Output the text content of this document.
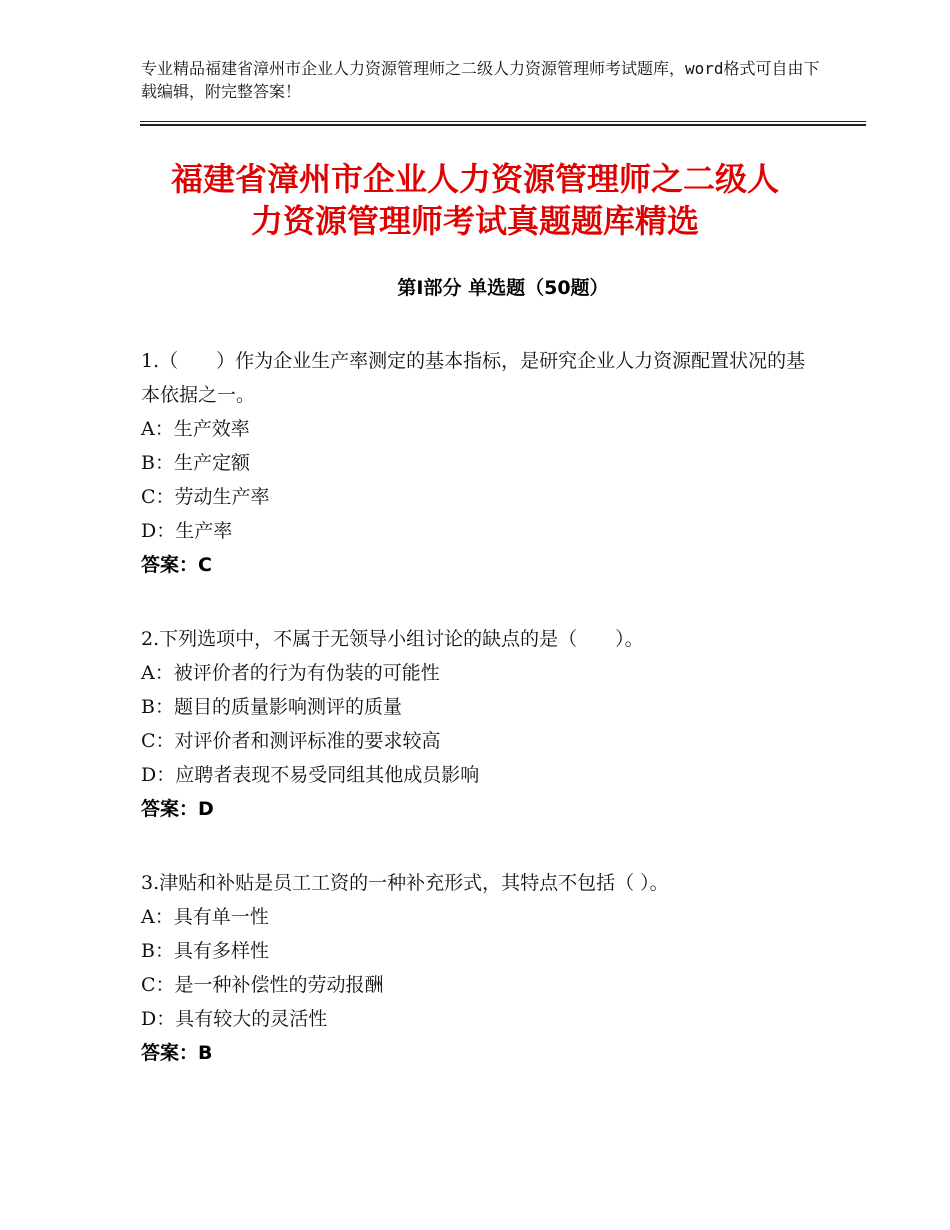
专业精品福建省漳州市企业人力资源管理师之二级人力资源管理师考试题库，word格式可自由下载编辑，附完整答案！
福建省漳州市企业人力资源管理师之二级人
力资源管理师考试真题题库精选
第Ⅰ部分 单选题（50题）

1.（　　）作为企业生产率测定的基本指标，是研究企业人力资源配置状况的基本依据之一。

A：生产效率
B：生产定额
C：劳动生产率
D：生产率
答案：C

2.下列选项中，不属于无领导小组讨论的缺点的是（　　）。

A：被评价者的行为有伪装的可能性
B：题目的质量影响测评的质量
C：对评价者和测评标准的要求较高
D：应聘者表现不易受同组其他成员影响
答案：D

3.津贴和补贴是员工工资的一种补充形式，其特点不包括（ ）。

A：具有单一性
B：具有多样性
C：是一种补偿性的劳动报酬
D：具有较大的灵活性
答案：B
